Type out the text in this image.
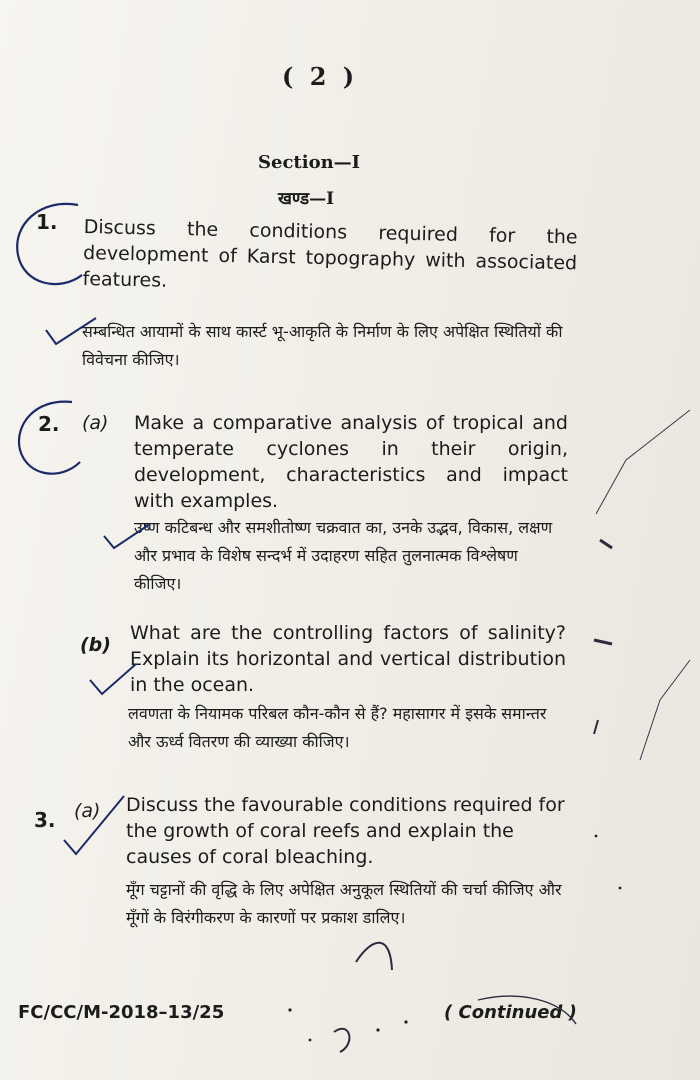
( 2 )
Section—I
खण्ड—I
1. Discuss the conditions required for the development of Karst topography with associated features.
सम्बन्धित आयामों के साथ कार्स्ट भू-आकृति के निर्माण के लिए अपेक्षित स्थितियों की विवेचना कीजिए।
2. (a) Make a comparative analysis of tropical and temperate cyclones in their origin, development, characteristics and impact with examples.
उष्ण कटिबन्ध और समशीतोष्ण चक्रवात का, उनके उद्भव, विकास, लक्षण और प्रभाव के विशेष सन्दर्भ में उदाहरण सहित तुलनात्मक विश्लेषण कीजिए।
(b)
What are the controlling factors of salinity? Explain its horizontal and vertical distribution in the ocean.
लवणता के नियामक परिबल कौन-कौन से हैं? महासागर में इसके समान्तर और ऊर्ध्व वितरण की व्याख्या कीजिए।
3. (a) Discuss the favourable conditions required for the growth of coral reefs and explain the causes of coral bleaching.
मूँग चट्टानों की वृद्धि के लिए अपेक्षित अनुकूल स्थितियों की चर्चा कीजिए और मूँगों के विरंगीकरण के कारणों पर प्रकाश डालिए।
FC/CC/M-2018–13/25	( Continued )
